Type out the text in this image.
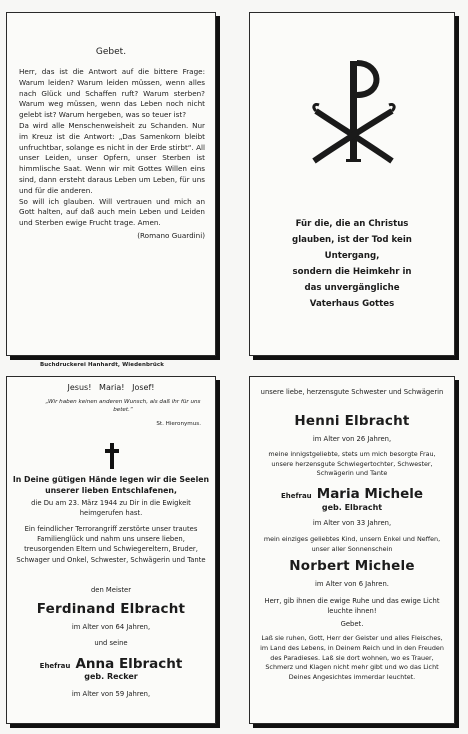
Gebet.

Herr, das ist die Antwort auf die bittere Frage: Warum leiden? Warum leiden müssen, wenn alles nach Glück und Schaffen ruft? Warum sterben? Warum weg müssen, wenn das Leben noch nicht gelebt ist? Warum hergeben, was so teuer ist?

Da wird alle Menschenweisheit zu Schanden. Nur im Kreuz ist die Antwort: „Das Samenkorn bleibt unfruchtbar, solange es nicht in der Erde stirbt“. All unser Leiden, unser Opfern, unser Sterben ist himmlische Saat. Wenn wir mit Gottes Willen eins sind, dann ersteht daraus Leben um Leben, für uns und für die anderen.

So will ich glauben. Will vertrauen und mich an Gott halten, auf daß auch mein Leben und Leiden und Sterben ewige Frucht trage. Amen.

(Romano Guardini)
Buchdruckerei Hanhardt, Wiedenbrück
Für die, die an Christus
glauben, ist der Tod kein
Untergang,
sondern die Heimkehr in
das unvergängliche
Vaterhaus Gottes
Jesus!   Maria!   Josef!
„Wir haben keinen anderen Wunsch, als daß ihr für uns betet.“
St. Hieronymus.
In Deine gütigen Hände legen wir die Seelen unserer lieben Entschlafenen,
die Du am 23. März 1944 zu Dir in die Ewigkeit heimgerufen hast.
Ein feindlicher Terrorangriff zerstörte unser trautes Familienglück und nahm uns unsere lieben, treusorgenden Eltern und Schwiegereltern, Bruder, Schwager und Onkel, Schwester, Schwägerin und Tante
den Meister
Ferdinand Elbracht
im Alter von 64 Jahren,
und seine
Ehefrau Anna Elbracht
geb. Recker
im Alter von 59 Jahren,
unsere liebe, herzensgute Schwester und Schwägerin
Henni Elbracht
im Alter von 26 Jahren,
meine innigstgeliebte, stets um mich besorgte Frau, unsere herzensgute Schwiegertochter, Schwester, Schwägerin und Tante
Ehefrau Maria Michele
geb. Elbracht
im Alter von 33 Jahren,
mein einziges geliebtes Kind, unsern Enkel und Neffen, unser aller Sonnenschein
Norbert Michele
im Alter von 6 Jahren.
Herr, gib ihnen die ewige Ruhe und das ewige Licht leuchte ihnen!
Gebet.
Laß sie ruhen, Gott, Herr der Geister und alles Fleisches, im Land des Lebens, in Deinem Reich und in den Freuden des Paradieses. Laß sie dort wohnen, wo es Trauer, Schmerz und Klagen nicht mehr gibt und wo das Licht Deines Angesichtes immerdar leuchtet.
